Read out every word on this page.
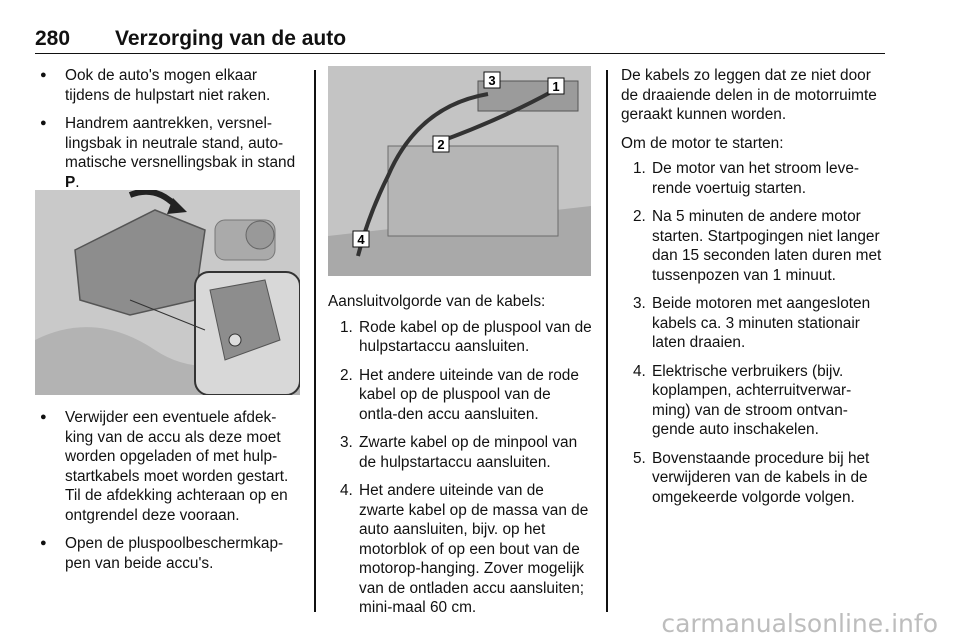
280 Verzorging van de auto
● Ook de auto's mogen elkaar tijdens de hulpstart niet raken.
● Handrem aantrekken, versnel-lingsbak in neutrale stand, auto-matische versnellingsbak in stand P.
● Verwijder een eventuele afdek-king van de accu als deze moet worden opgeladen of met hulp-startkabels moet worden gestart. Til de afdekking achteraan op en ontgrendel deze vooraan.
● Open de pluspoolbeschermkap-pen van beide accu's.
3	1
2
4

Aansluitvolgorde van de kabels:

1. Rode kabel op de pluspool van de hulpstartaccu aansluiten.
2. Het andere uiteinde van de rode kabel op de pluspool van de ontla-den accu aansluiten.
3. Zwarte kabel op de minpool van de hulpstartaccu aansluiten.
4. Het andere uiteinde van de zwarte kabel op de massa van de auto aansluiten, bijv. op het motorblok of op een bout van de motorop-hanging. Zover mogelijk van de ontladen accu aansluiten; mini-maal 60 cm.

De kabels zo leggen dat ze niet door de draaiende delen in de motorruimte geraakt kunnen worden.

Om de motor te starten:

1. De motor van het stroom leve-rende voertuig starten.
2. Na 5 minuten de andere motor starten. Startpogingen niet langer dan 15 seconden laten duren met tussenpozen van 1 minuut.
3. Beide motoren met aangesloten kabels ca. 3 minuten stationair laten draaien.
4. Elektrische verbruikers (bijv. koplampen, achterruitverwar-ming) van de stroom ontvan-gende auto inschakelen.
5. Bovenstaande procedure bij het verwijderen van de kabels in de omgekeerde volgorde volgen.
carmanualsonline.info
